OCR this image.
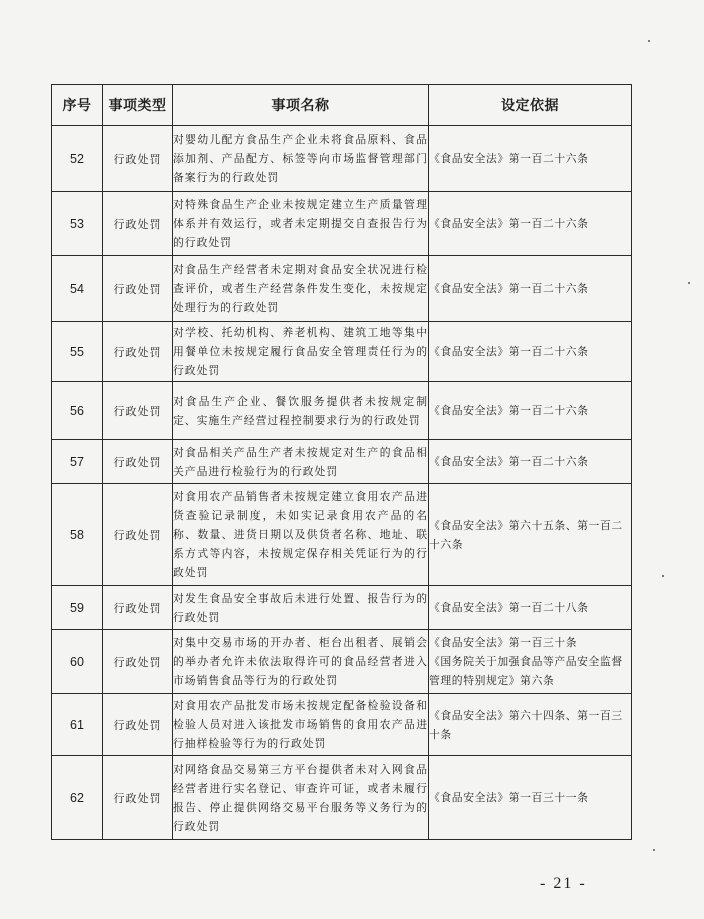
序号	事项类型	事项名称	设定依据
52	行政处罚	对婴幼儿配方食品生产企业未将食品原料、食品添加剂、产品配方、标签等向市场监督管理部门备案行为的行政处罚	《食品安全法》第一百二十六条
53	行政处罚	对特殊食品生产企业未按规定建立生产质量管理体系并有效运行，或者未定期提交自查报告行为的行政处罚	《食品安全法》第一百二十六条
54	行政处罚	对食品生产经营者未定期对食品安全状况进行检查评价，或者生产经营条件发生变化，未按规定处理行为的行政处罚	《食品安全法》第一百二十六条
55	行政处罚	对学校、托幼机构、养老机构、建筑工地等集中用餐单位未按规定履行食品安全管理责任行为的行政处罚	《食品安全法》第一百二十六条
56	行政处罚	对食品生产企业、餐饮服务提供者未按规定制定、实施生产经营过程控制要求行为的行政处罚	《食品安全法》第一百二十六条
57	行政处罚	对食品相关产品生产者未按规定对生产的食品相关产品进行检验行为的行政处罚	《食品安全法》第一百二十六条
58	行政处罚	对食用农产品销售者未按规定建立食用农产品进货查验记录制度，未如实记录食用农产品的名称、数量、进货日期以及供货者名称、地址、联系方式等内容，未按规定保存相关凭证行为的行政处罚	《食品安全法》第六十五条、第一百二十六条
59	行政处罚	对发生食品安全事故后未进行处置、报告行为的行政处罚	《食品安全法》第一百二十八条
60	行政处罚	对集中交易市场的开办者、柜台出租者、展销会的举办者允许未依法取得许可的食品经营者进入市场销售食品等行为的行政处罚	《食品安全法》第一百三十条
《国务院关于加强食品等产品安全监督管理的特别规定》第六条
61	行政处罚	对食用农产品批发市场未按规定配备检验设备和检验人员对进入该批发市场销售的食用农产品进行抽样检验等行为的行政处罚	《食品安全法》第六十四条、第一百三十条
62	行政处罚	对网络食品交易第三方平台提供者未对入网食品经营者进行实名登记、审查许可证，或者未履行报告、停止提供网络交易平台服务等义务行为的行政处罚	《食品安全法》第一百三十一条
- 21 -
